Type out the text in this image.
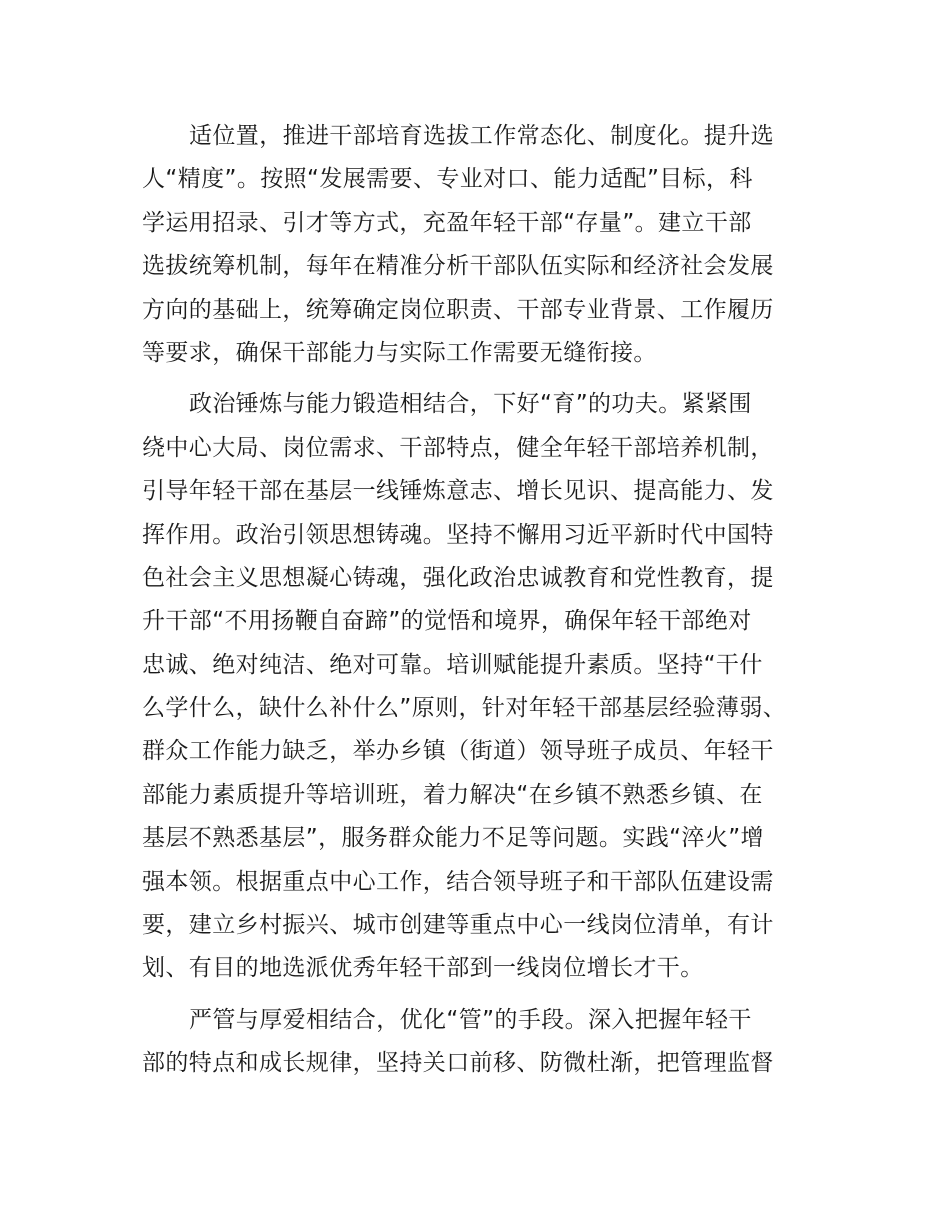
适位置，推进干部培育选拔工作常态化、制度化。提升选
人“精度”。按照“发展需要、专业对口、能力适配”目标，科
学运用招录、引才等方式，充盈年轻干部“存量”。建立干部
选拔统筹机制，每年在精准分析干部队伍实际和经济社会发展
方向的基础上，统筹确定岗位职责、干部专业背景、工作履历
等要求，确保干部能力与实际工作需要无缝衔接。
政治锤炼与能力锻造相结合，下好“育”的功夫。紧紧围
绕中心大局、岗位需求、干部特点，健全年轻干部培养机制，
引导年轻干部在基层一线锤炼意志、增长见识、提高能力、发
挥作用。政治引领思想铸魂。坚持不懈用习近平新时代中国特
色社会主义思想凝心铸魂，强化政治忠诚教育和党性教育，提
升干部“不用扬鞭自奋蹄”的觉悟和境界，确保年轻干部绝对
忠诚、绝对纯洁、绝对可靠。培训赋能提升素质。坚持“干什
么学什么，缺什么补什么”原则，针对年轻干部基层经验薄弱、
群众工作能力缺乏，举办乡镇（街道）领导班子成员、年轻干
部能力素质提升等培训班，着力解决“在乡镇不熟悉乡镇、在
基层不熟悉基层”，服务群众能力不足等问题。实践“淬火”增
强本领。根据重点中心工作，结合领导班子和干部队伍建设需
要，建立乡村振兴、城市创建等重点中心一线岗位清单，有计
划、有目的地选派优秀年轻干部到一线岗位增长才干。
严管与厚爱相结合，优化“管”的手段。深入把握年轻干
部的特点和成长规律，坚持关口前移、防微杜渐，把管理监督
